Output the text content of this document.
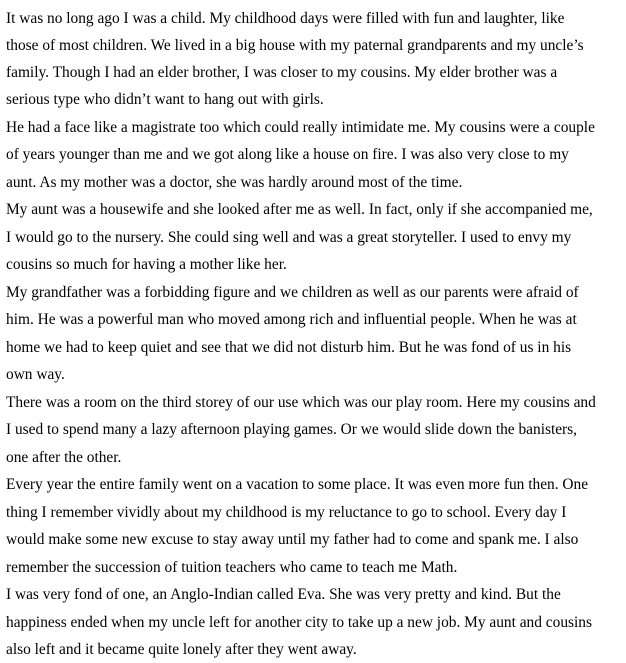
It was no long ago I was a child. My childhood days were filled with fun and laughter, like
those of most children. We lived in a big house with my paternal grandparents and my uncle’s
family. Though I had an elder brother, I was closer to my cousins. My elder brother was a
serious type who didn’t want to hang out with girls.
He had a face like a magistrate too which could really intimidate me. My cousins were a couple
of years younger than me and we got along like a house on fire. I was also very close to my
aunt. As my mother was a doctor, she was hardly around most of the time.
My aunt was a housewife and she looked after me as well. In fact, only if she accompanied me,
I would go to the nursery. She could sing well and was a great storyteller. I used to envy my
cousins so much for having a mother like her.
My grandfather was a forbidding figure and we children as well as our parents were afraid of
him. He was a powerful man who moved among rich and influential people. When he was at
home we had to keep quiet and see that we did not disturb him. But he was fond of us in his
own way.
There was a room on the third storey of our use which was our play room. Here my cousins and
I used to spend many a lazy afternoon playing games. Or we would slide down the banisters,
one after the other.
Every year the entire family went on a vacation to some place. It was even more fun then. One
thing I remember vividly about my childhood is my reluctance to go to school. Every day I
would make some new excuse to stay away until my father had to come and spank me. I also
remember the succession of tuition teachers who came to teach me Math.
I was very fond of one, an Anglo-Indian called Eva. She was very pretty and kind. But the
happiness ended when my uncle left for another city to take up a new job. My aunt and cousins
also left and it became quite lonely after they went away.
